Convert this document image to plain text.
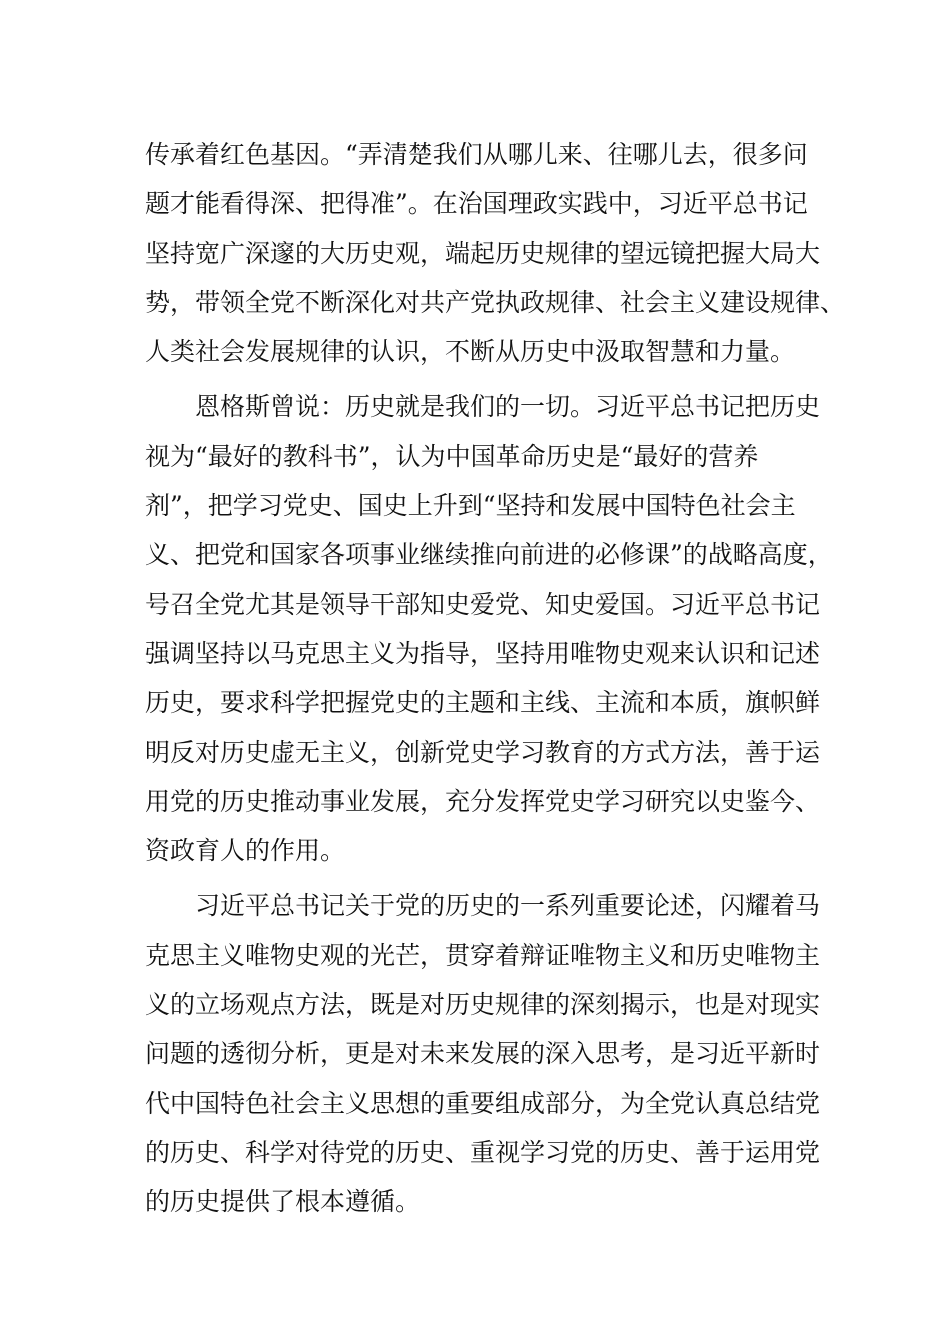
传承着红色基因。“弄清楚我们从哪儿来、往哪儿去，很多问
题才能看得深、把得准”。在治国理政实践中，习近平总书记
坚持宽广深邃的大历史观，端起历史规律的望远镜把握大局大
势，带领全党不断深化对共产党执政规律、社会主义建设规律、
人类社会发展规律的认识，不断从历史中汲取智慧和力量。
　　恩格斯曾说：历史就是我们的一切。习近平总书记把历史
视为“最好的教科书”，认为中国革命历史是“最好的营养
剂”，把学习党史、国史上升到“坚持和发展中国特色社会主
义、把党和国家各项事业继续推向前进的必修课”的战略高度，
号召全党尤其是领导干部知史爱党、知史爱国。习近平总书记
强调坚持以马克思主义为指导，坚持用唯物史观来认识和记述
历史，要求科学把握党史的主题和主线、主流和本质，旗帜鲜
明反对历史虚无主义，创新党史学习教育的方式方法，善于运
用党的历史推动事业发展，充分发挥党史学习研究以史鉴今、
资政育人的作用。
　　习近平总书记关于党的历史的一系列重要论述，闪耀着马
克思主义唯物史观的光芒，贯穿着辩证唯物主义和历史唯物主
义的立场观点方法，既是对历史规律的深刻揭示，也是对现实
问题的透彻分析，更是对未来发展的深入思考，是习近平新时
代中国特色社会主义思想的重要组成部分，为全党认真总结党
的历史、科学对待党的历史、重视学习党的历史、善于运用党
的历史提供了根本遵循。
